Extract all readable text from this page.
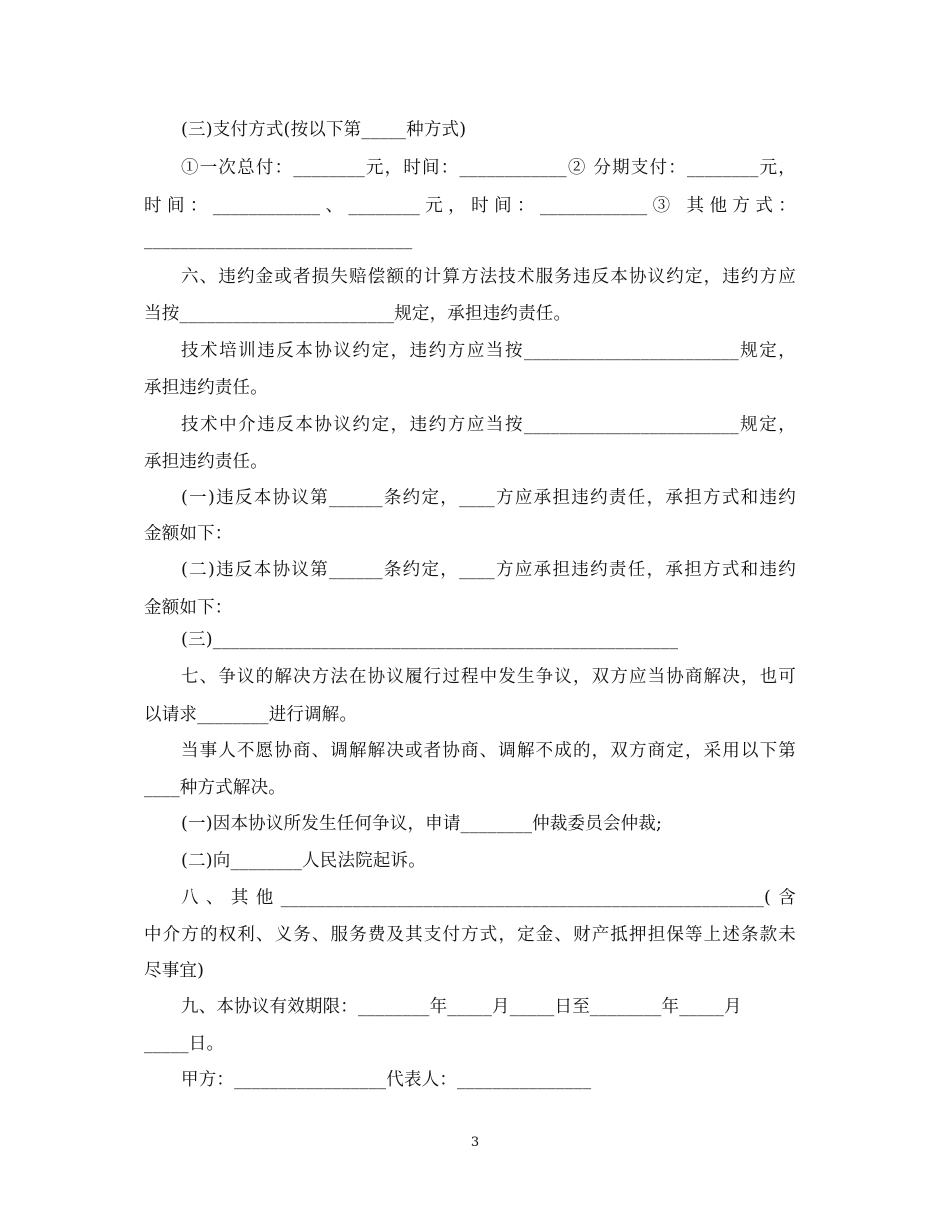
(三)支付方式(按以下第_____种方式)
①一次总付：________元，时间：____________② 分期支付：________元，
时间：____________、________元，时间：____________③ 其他方式：
______________________________
六、违约金或者损失赔偿额的计算方法技术服务违反本协议约定，违约方应
当按________________________规定，承担违约责任。
技术培训违反本协议约定，违约方应当按________________________规定，
承担违约责任。
技术中介违反本协议约定，违约方应当按________________________规定，
承担违约责任。
(一)违反本协议第______条约定，____方应承担违约责任，承担方式和违约
金额如下：
(二)违反本协议第______条约定，____方应承担违约责任，承担方式和违约
金额如下：
(三)____________________________________________________
七、争议的解决方法在协议履行过程中发生争议，双方应当协商解决，也可
以请求________进行调解。
当事人不愿协商、调解解决或者协商、调解不成的，双方商定，采用以下第
____种方式解决。
(一)因本协议所发生任何争议，申请________仲裁委员会仲裁;
(二)向________人民法院起诉。
八、其他______________________________________________________(含
中介方的权利、义务、服务费及其支付方式，定金、财产抵押担保等上述条款未
尽事宜)
九、本协议有效期限：________年_____月_____日至________年_____月
_____日。
甲方：_________________代表人：_______________
3
